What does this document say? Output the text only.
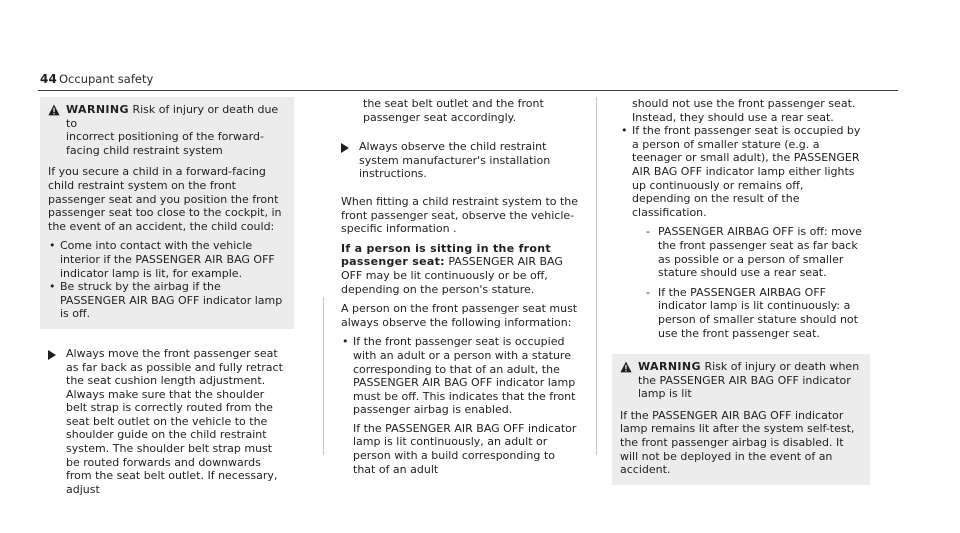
44 Occupant safety
WARNING Risk of injury or death due to
incorrect positioning of the forward-facing child restraint system

If you secure a child in a forward-facing child restraint system on the front passenger seat and you position the front passenger seat too close to the cockpit, in the event of an accident, the child could:

• Come into contact with the vehicle interior if the PASSENGER AIR BAG OFF indicator lamp is lit, for example.
• Be struck by the airbag if the PASSENGER AIR BAG OFF indicator lamp is off.
Always move the front passenger seat as far back as possible and fully retract the seat cushion length adjustment. Always make sure that the shoulder belt strap is correctly routed from the seat belt outlet on the vehicle to the shoulder guide on the child restraint system. The shoulder belt strap must be routed forwards and downwards from the seat belt outlet. If necessary, adjust
the seat belt outlet and the front passenger seat accordingly.
Always observe the child restraint system manufacturer's installation instructions.

When fitting a child restraint system to the front passenger seat, observe the vehicle-specific information .

If a person is sitting in the front passenger seat: PASSENGER AIR BAG OFF may be lit continuously or be off, depending on the person's stature.

A person on the front passenger seat must always observe the following information:

• If the front passenger seat is occupied with an adult or a person with a stature corresponding to that of an adult, the PASSENGER AIR BAG OFF indicator lamp must be off. This indicates that the front passenger airbag is enabled.
If the PASSENGER AIR BAG OFF indicator lamp is lit continuously, an adult or person with a build corresponding to that of an adult
should not use the front passenger seat. Instead, they should use a rear seat.
• If the front passenger seat is occupied by a person of smaller stature (e.g. a teenager or small adult), the PASSENGER AIR BAG OFF indicator lamp either lights up continuously or remains off, depending on the result of the classification.
- PASSENGER AIRBAG OFF is off: move the front passenger seat as far back as possible or a person of smaller stature should use a rear seat.
- If the PASSENGER AIRBAG OFF indicator lamp is lit continuously: a person of smaller stature should not use the front passenger seat.
WARNING Risk of injury or death when
the PASSENGER AIR BAG OFF indicator lamp is lit
If the PASSENGER AIR BAG OFF indicator lamp remains lit after the system self-test, the front passenger airbag is disabled. It will not be deployed in the event of an accident.
